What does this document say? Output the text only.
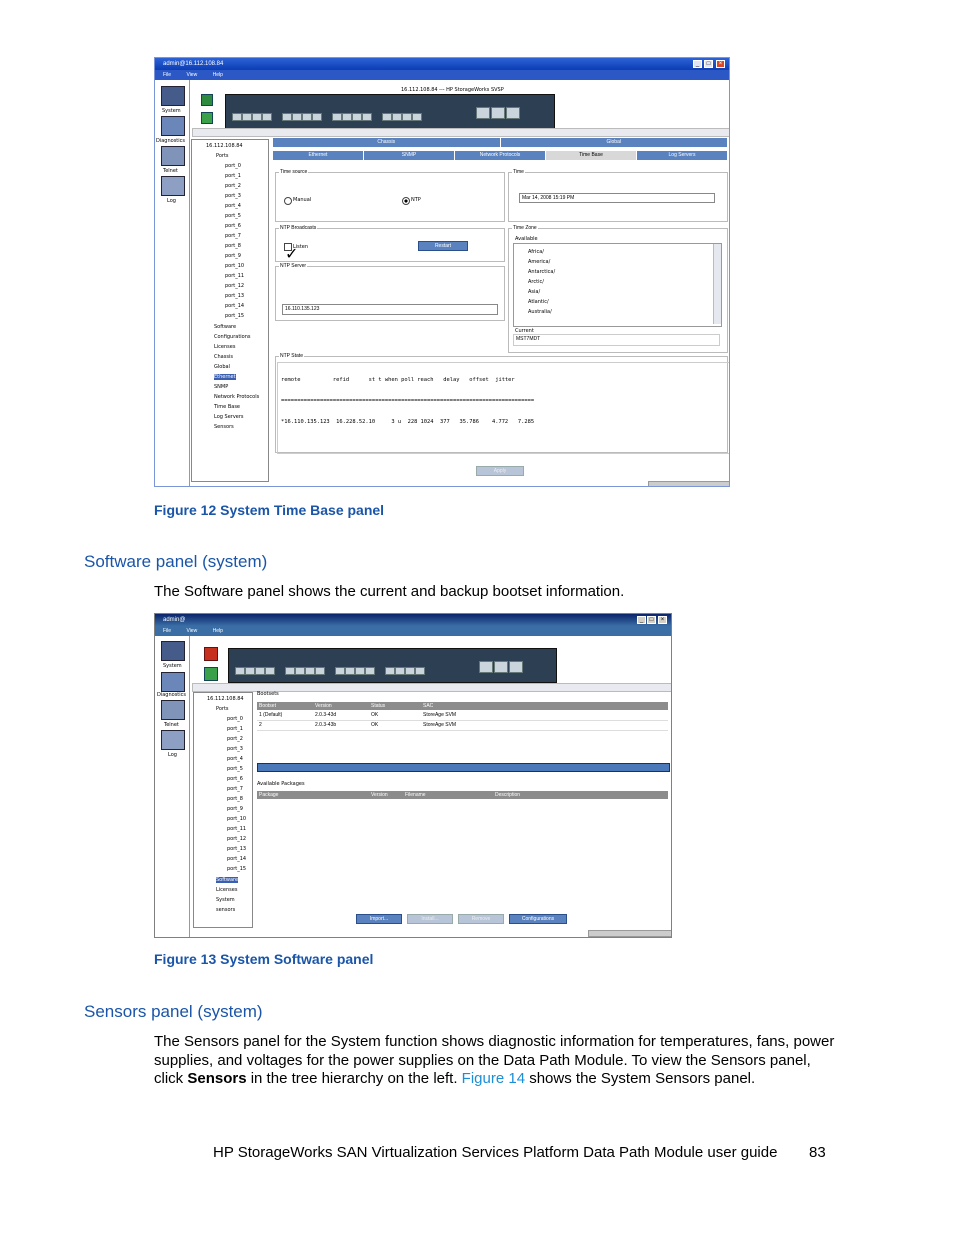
admin@16.112.108.84	_	□	×
File	View	Help
System
Diagnostics
Telnet
Log
16.112.108.84 --- HP StorageWorks SVSP
16.112.108.84
Ports
port_0
port_1
port_2
port_3
port_4
port_5
port_6
port_7
port_8
port_9
port_10
port_11
port_12
port_13
port_14
port_15
Software
Configurations
Licenses
Chassis
Global
Ethernet
SNMP
Network Protocols
Time Base
Log Servers
Sensors
Chassis	Global
Ethernet	SNMP	Network Protocols	Time Base	Log Servers
Time source
Manual	NTP
Time
Mar 14, 2008 15:19 PM
NTP Broadcasts
✓
Listen	Restart
Time Zone
Available
Africa/
America/
Antarctica/
Arctic/
Asia/
Atlantic/
Australia/
Current
MST7MDT
NTP Server
16.110.135.123
NTP State

remote          refid      st t when poll reach   delay   offset  jitter

==============================================================================

*16.110.135.123  16.228.52.10     3 u  228 1024  377   35.786    4.772   7.285

Apply
Figure 12 System Time Base panel
Software panel (system)
The Software panel shows the current and backup bootset information.
admin@	_	□	×
File	View	Help
System
Diagnostics
Telnet
Log
16.112.108.84
Ports
port_0
port_1
port_2
port_3
port_4
port_5
port_6
port_7
port_8
port_9
port_10
port_11
port_12
port_13
port_14
port_15
Software
Licenses
System
sensors
Bootsets
Bootset	Version	Status	SAC
1 (Default)	2.0.3-43d	OK	StoreAge SVM
2	2.0.3-43b	OK	StoreAge SVM
Available Packages
Package	Version	Filename	Description
Import...	Install...	Remove	Configurations
Figure 13 System Software panel
Sensors panel (system)
The Sensors panel for the System function shows diagnostic information for temperatures, fans, power
supplies, and voltages for the power supplies on the Data Path Module. To view the Sensors panel,
click Sensors in the tree hierarchy on the left. Figure 14 shows the System Sensors panel.
HP StorageWorks SAN Virtualization Services Platform Data Path Module user guide 83
